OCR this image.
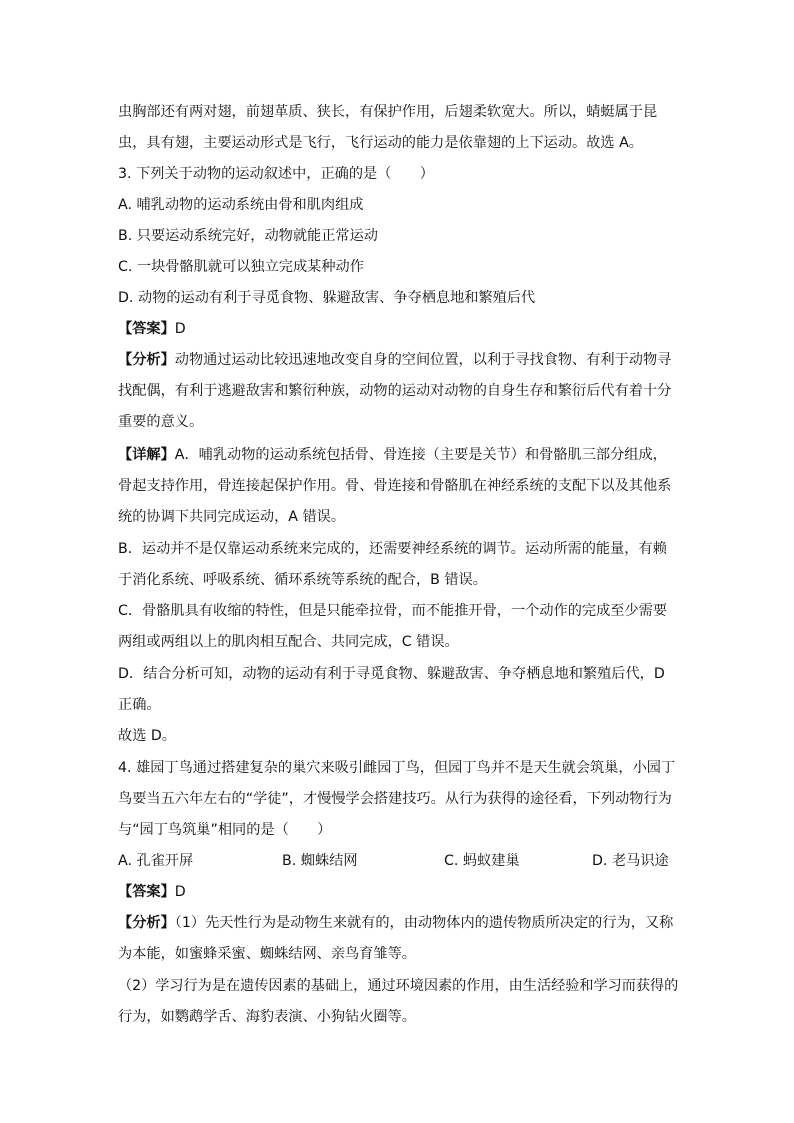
虫胸部还有两对翅，前翅革质、狭长，有保护作用，后翅柔软宽大。所以，蜻蜓属于昆
虫，具有翅，主要运动形式是飞行，飞行运动的能力是依靠翅的上下运动。故选 A。
3. 下列关于动物的运动叙述中，正确的是（　　）
A. 哺乳动物的运动系统由骨和肌肉组成
B. 只要运动系统完好，动物就能正常运动
C. 一块骨骼肌就可以独立完成某种动作
D. 动物的运动有利于寻觅食物、躲避敌害、争夺栖息地和繁殖后代
【答案】D
【分析】动物通过运动比较迅速地改变自身的空间位置，以利于寻找食物、有利于动物寻
找配偶，有利于逃避敌害和繁衍种族，动物的运动对动物的自身生存和繁衍后代有着十分
重要的意义。
【详解】A．哺乳动物的运动系统包括骨、骨连接（主要是关节）和骨骼肌三部分组成，
骨起支持作用，骨连接起保护作用。骨、骨连接和骨骼肌在神经系统的支配下以及其他系
统的协调下共同完成运动，A 错误。
B．运动并不是仅靠运动系统来完成的，还需要神经系统的调节。运动所需的能量，有赖
于消化系统、呼吸系统、循环系统等系统的配合，B 错误。
C．骨骼肌具有收缩的特性，但是只能牵拉骨，而不能推开骨，一个动作的完成至少需要
两组或两组以上的肌肉相互配合、共同完成，C 错误。
D．结合分析可知，动物的运动有利于寻觅食物、躲避敌害、争夺栖息地和繁殖后代，D
正确。
故选 D。
4. 雄园丁鸟通过搭建复杂的巢穴来吸引雌园丁鸟，但园丁鸟并不是天生就会筑巢，小园丁
鸟要当五六年左右的“学徒”，才慢慢学会搭建技巧。从行为获得的途径看，下列动物行为
与“园丁鸟筑巢”相同的是（　　）
A. 孔雀开屏	B. 蜘蛛结网	C. 蚂蚁建巢	D. 老马识途
【答案】D
【分析】（1）先天性行为是动物生来就有的，由动物体内的遗传物质所决定的行为，又称
为本能，如蜜蜂采蜜、蜘蛛结网、亲鸟育雏等。
（2）学习行为是在遗传因素的基础上，通过环境因素的作用，由生活经验和学习而获得的
行为，如鹦鹉学舌、海豹表演、小狗钻火圈等。
